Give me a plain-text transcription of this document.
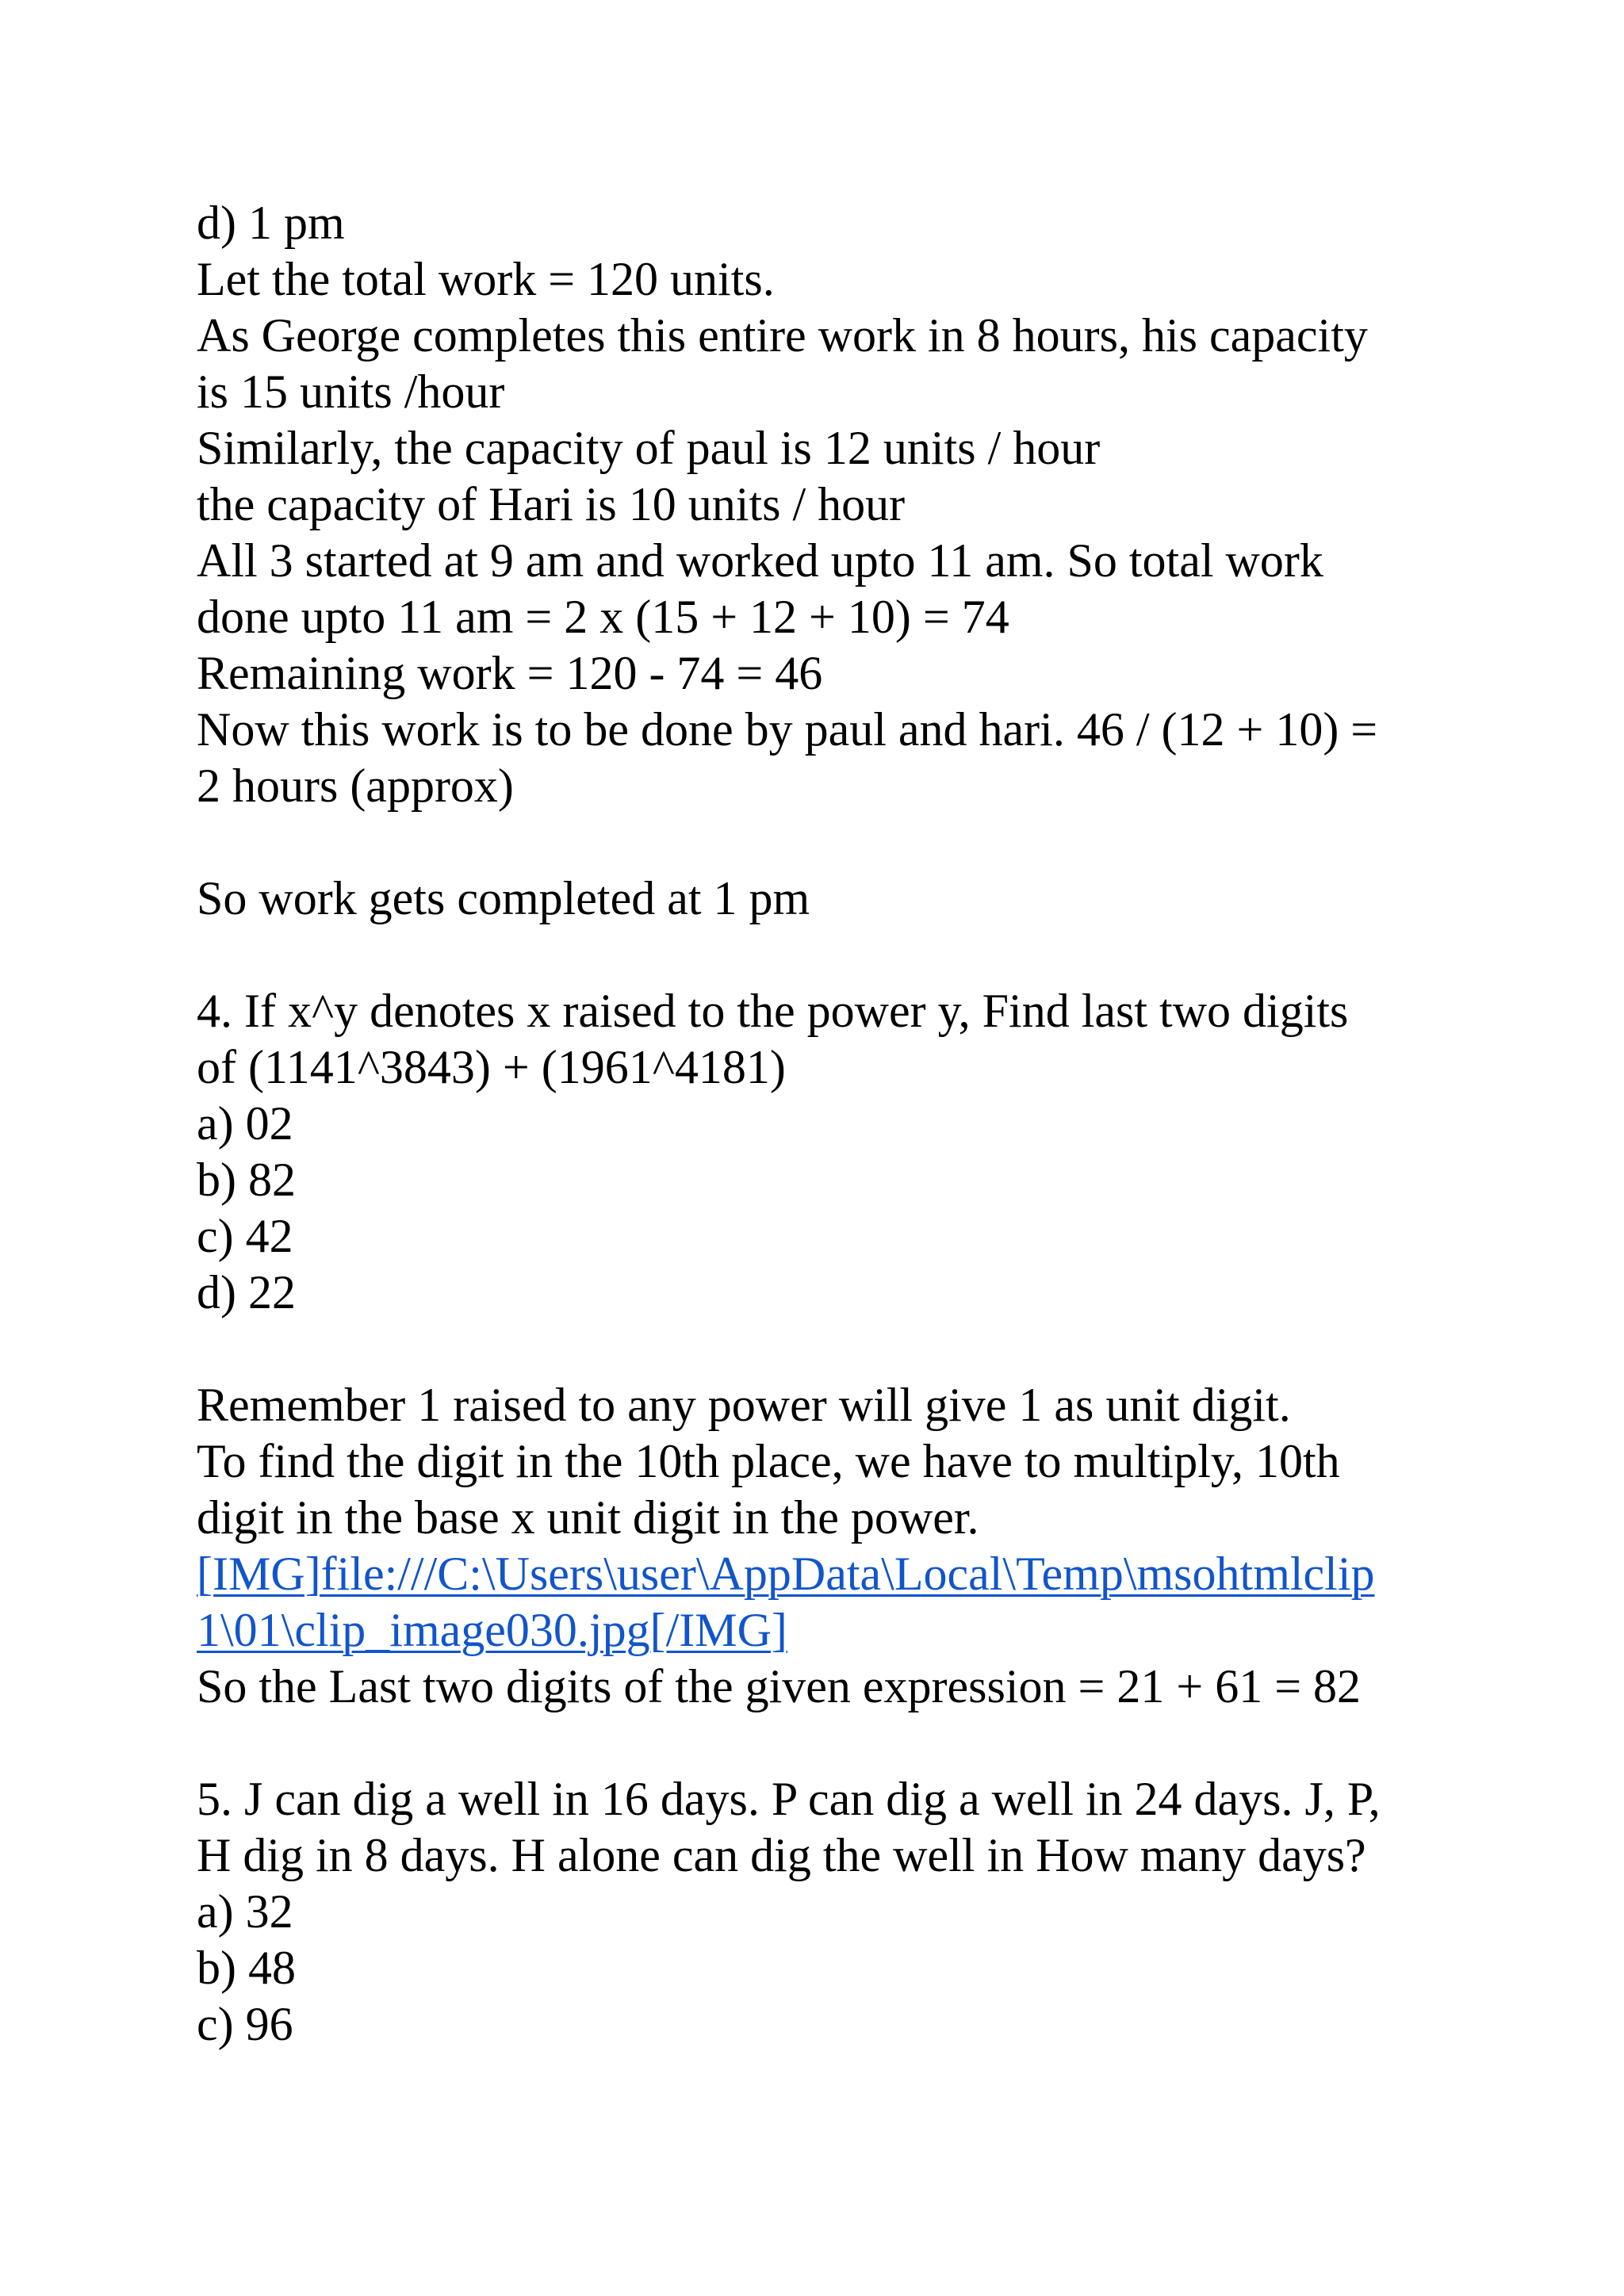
d) 1 pm
Let the total work = 120 units.
As George completes this entire work in 8 hours, his capacity
is 15 units /hour
Similarly, the capacity of paul is 12 units / hour
the capacity of Hari is 10 units / hour
All 3 started at 9 am and worked upto 11 am. So total work
done upto 11 am = 2 x (15 + 12 + 10) = 74
Remaining work = 120 - 74 = 46
Now this work is to be done by paul and hari. 46 / (12 + 10) =
2 hours (approx)
So work gets completed at 1 pm
4. If x^y denotes x raised to the power y, Find last two digits
of (1141^3843) + (1961^4181)
a) 02
b) 82
c) 42
d) 22
Remember 1 raised to any power will give 1 as unit digit.
To find the digit in the 10th place, we have to multiply, 10th
digit in the base x unit digit in the power.
[IMG]file:///C:\Users\user\AppData\Local\Temp\msohtmlclip
1\01\clip_image030.jpg[/IMG]
So the Last two digits of the given expression = 21 + 61 = 82
5. J can dig a well in 16 days. P can dig a well in 24 days. J, P,
H dig in 8 days. H alone can dig the well in How many days?
a) 32
b) 48
c) 96
